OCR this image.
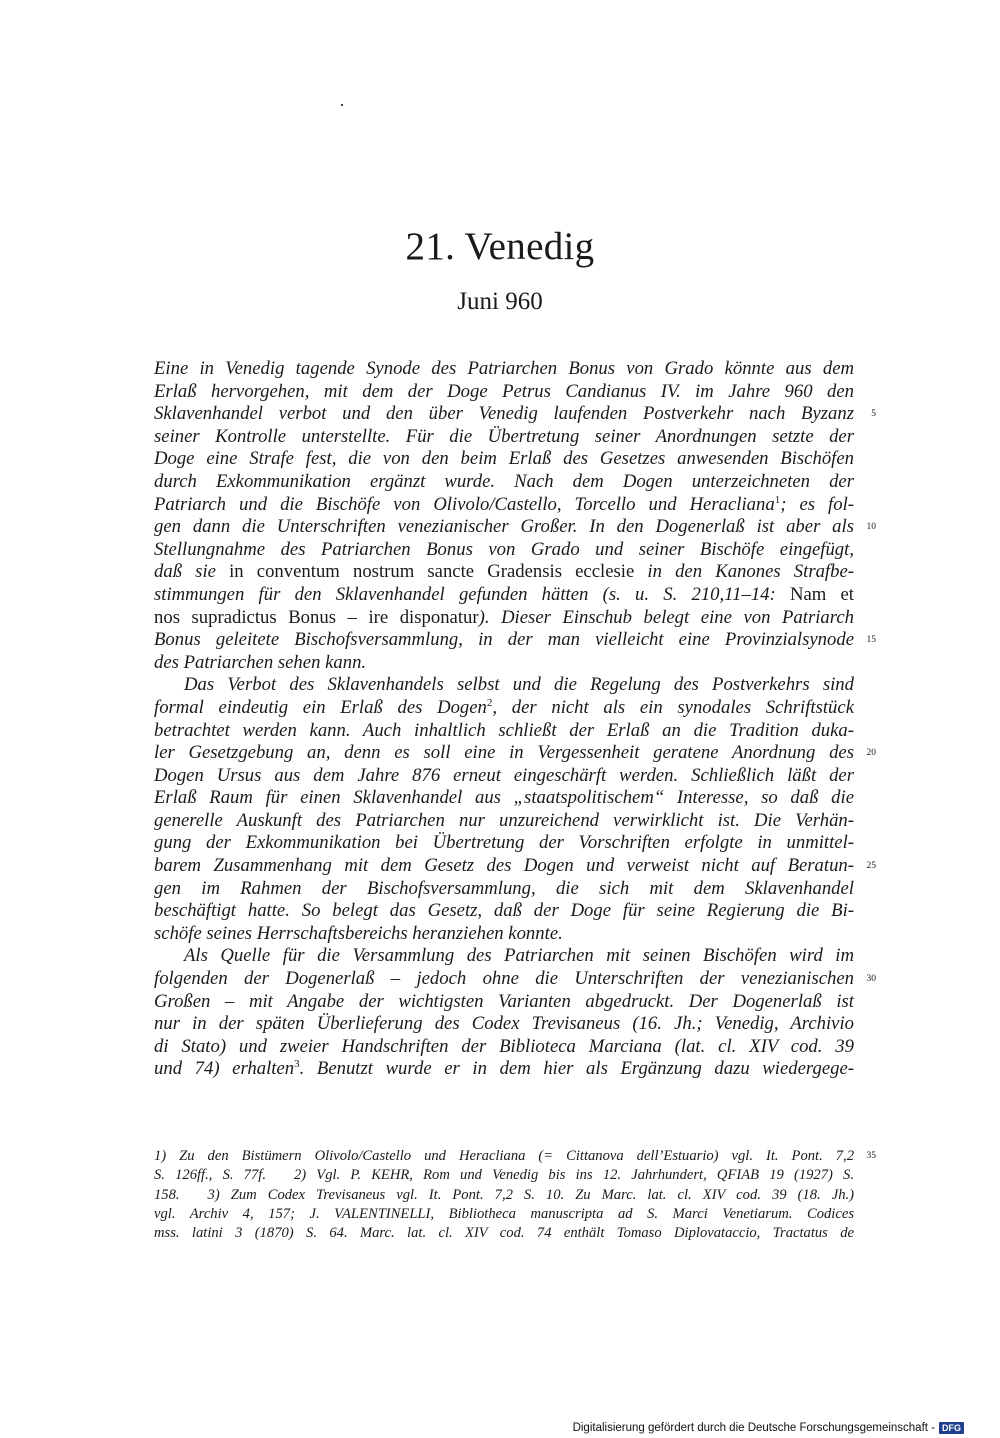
21. Venedig
Juni 960
Eine in Venedig tagende Synode des Patriarchen Bonus von Grado könnte aus dem
Erlaß hervorgehen, mit dem der Doge Petrus Candianus IV. im Jahre 960 den
Sklavenhandel verbot und den über Venedig laufenden Postverkehr nach Byzanz 5
seiner Kontrolle unterstellte. Für die Übertretung seiner Anordnungen setzte der
Doge eine Strafe fest, die von den beim Erlaß des Gesetzes anwesenden Bischöfen
durch Exkommunikation ergänzt wurde. Nach dem Dogen unterzeichneten der
Patriarch und die Bischöfe von Olivolo/Castello, Torcello und Heracliana$^1$; es fol-
gen dann die Unterschriften venezianischer Großer. In den Dogenerlaß ist aber als 10
Stellungnahme des Patriarchen Bonus von Grado und seiner Bischöfe eingefügt,
daß sie in conventum nostrum sancte Gradensis ecclesie in den Kanones Strafbe-
stimmungen für den Sklavenhandel gefunden hätten (s. u. S. 210,11–14: Nam et
nos supradictus Bonus – ire disponatur). Dieser Einschub belegt eine von Patriarch
Bonus geleitete Bischofsversammlung, in der man vielleicht eine Provinzialsynode 15
des Patriarchen sehen kann.
Das Verbot des Sklavenhandels selbst und die Regelung des Postverkehrs sind
formal eindeutig ein Erlaß des Dogen$^2$, der nicht als ein synodales Schriftstück
betrachtet werden kann. Auch inhaltlich schließt der Erlaß an die Tradition duka-
ler Gesetzgebung an, denn es soll eine in Vergessenheit geratene Anordnung des 20
Dogen Ursus aus dem Jahre 876 erneut eingeschärft werden. Schließlich läßt der
Erlaß Raum für einen Sklavenhandel aus „staatspolitischem“ Interesse, so daß die
generelle Auskunft des Patriarchen nur unzureichend verwirklicht ist. Die Verhän-
gung der Exkommunikation bei Übertretung der Vorschriften erfolgte in unmittel-
barem Zusammenhang mit dem Gesetz des Dogen und verweist nicht auf Beratun- 25
gen im Rahmen der Bischofsversammlung, die sich mit dem Sklavenhandel
beschäftigt hatte. So belegt das Gesetz, daß der Doge für seine Regierung die Bi-
schöfe seines Herrschaftsbereichs heranziehen konnte.
Als Quelle für die Versammlung des Patriarchen mit seinen Bischöfen wird im
folgenden der Dogenerlaß – jedoch ohne die Unterschriften der venezianischen 30
Großen – mit Angabe der wichtigsten Varianten abgedruckt. Der Dogenerlaß ist
nur in der späten Überlieferung des Codex Trevisaneus (16. Jh.; Venedig, Archivio
di Stato) und zweier Handschriften der Biblioteca Marciana (lat. cl. XIV cod. 39
und 74) erhalten$^3$. Benutzt wurde er in dem hier als Ergänzung dazu wiedergege-
1) Zu den Bistümern Olivolo/Castello und Heracliana (= Cittanova dell’Estuario) vgl. It. Pont. 7,2 35
S. 126ff., S. 77f. 2) Vgl. P. KEHR, Rom und Venedig bis ins 12. Jahrhundert, QFIAB 19 (1927) S.
158. 3) Zum Codex Trevisaneus vgl. It. Pont. 7,2 S. 10. Zu Marc. lat. cl. XIV cod. 39 (18. Jh.)
vgl. Archiv 4, 157; J. VALENTINELLI, Bibliotheca manuscripta ad S. Marci Venetiarum. Codices
mss. latini 3 (1870) S. 64. Marc. lat. cl. XIV cod. 74 enthält Tomaso Diplovataccio, Tractatus de
Digitalisierung gefördert durch die Deutsche Forschungsgemeinschaft - DFG
